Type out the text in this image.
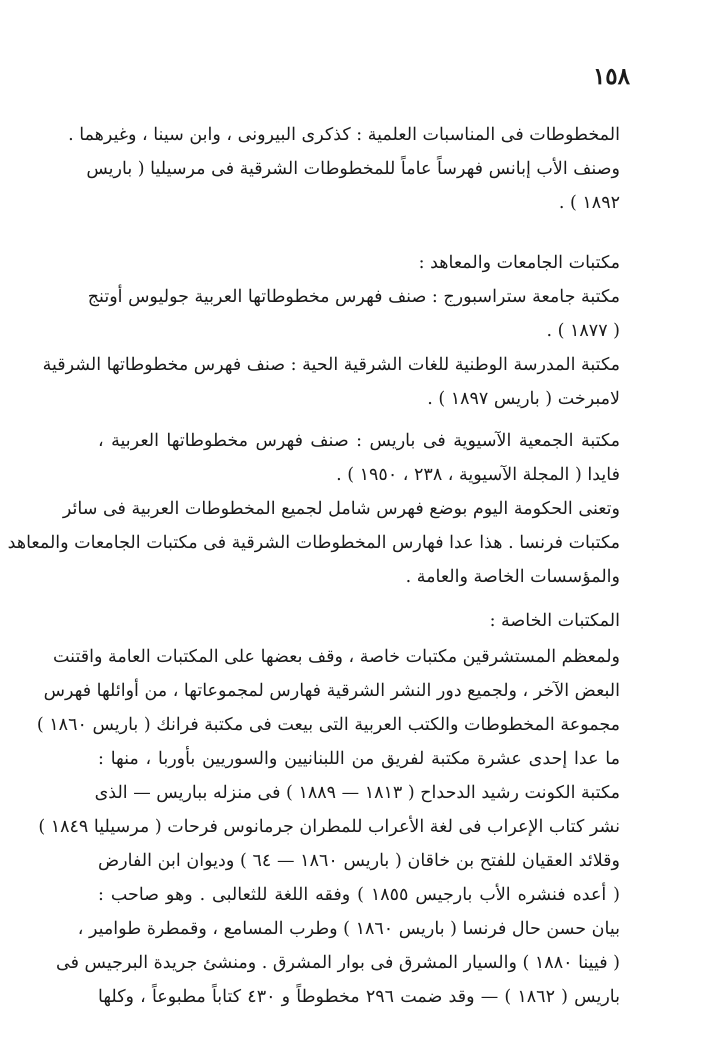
١٥٨
المخطوطات فى المناسبات العلمية : كذكرى البيرونى ، وابن سينا ، وغيرهما .
وصنف الأب إبانس فهرساً عاماً للمخطوطات الشرقية فى مرسيليا ( باريس
١٨٩٢ ) .
مكتبات الجامعات والمعاهد :
مكتبة جامعة ستراسبورج : صنف فهرس مخطوطاتها العربية جوليوس أوتنج
( ١٨٧٧ ) .
مكتبة المدرسة الوطنية للغات الشرقية الحية : صنف فهرس مخطوطاتها الشرقية
لامبرخت ( باريس ١٨٩٧ ) .
مكتبة الجمعية الآسيوية فى باريس : صنف فهرس مخطوطاتها العربية ،
فايدا ( المجلة الآسيوية ، ٢٣٨ ، ١٩٥٠ ) .
وتعنى الحكومة اليوم بوضع فهرس شامل لجميع المخطوطات العربية فى سائر
مكتبات فرنسا . هذا عدا فهارس المخطوطات الشرقية فى مكتبات الجامعات والمعاهد
والمؤسسات الخاصة والعامة .
المكتبات الخاصة :
ولمعظم المستشرقين مكتبات خاصة ، وقف بعضها على المكتبات العامة واقتنت
البعض الآخر ، ولجميع دور النشر الشرقية فهارس لمجموعاتها ، من أوائلها فهرس
مجموعة المخطوطات والكتب العربية التى بيعت فى مكتبة فرانك ( باريس ١٨٦٠ )
ما عدا إحدى عشرة مكتبة لفريق من اللبنانيين والسوريين بأوربا ، منها :
مكتبة الكونت رشيد الدحداح ( ١٨١٣ — ١٨٨٩ ) فى منزله بباريس — الذى
نشر كتاب الإعراب فى لغة الأعراب للمطران جرمانوس فرحات ( مرسيليا ١٨٤٩ )
وقلائد العقيان للفتح بن خاقان ( باريس ١٨٦٠ — ٦٤ ) وديوان ابن الفارض
( أعده فنشره الأب بارجيس ١٨٥٥ ) وفقه اللغة للثعالبى . وهو صاحب :
بيان حسن حال فرنسا ( باريس ١٨٦٠ ) وطرب المسامع ، وقمطرة طوامير ،
( فيينا ١٨٨٠ ) والسيار المشرق فى بوار المشرق . ومنشئ جريدة البرجيس فى
باريس ( ١٨٦٢ ) — وقد ضمت ٢٩٦ مخطوطاً و ٤٣٠ كتاباً مطبوعاً ، وكلها
